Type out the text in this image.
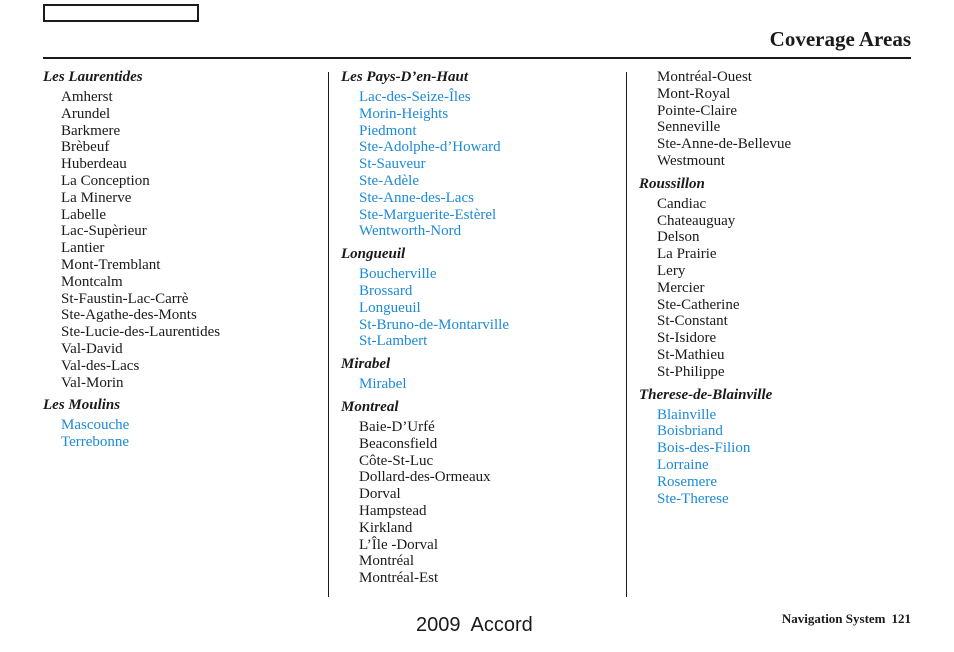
Coverage Areas
Les Laurentides
Amherst
Arundel
Barkmere
Brèbeuf
Huberdeau
La Conception
La Minerve
Labelle
Lac-Supèrieur
Lantier
Mont-Tremblant
Montcalm
St-Faustin-Lac-Carrè
Ste-Agathe-des-Monts
Ste-Lucie-des-Laurentides
Val-David
Val-des-Lacs
Val-Morin
Les Moulins
Mascouche
Terrebonne
Les Pays-D’en-Haut
Lac-des-Seize-Îles
Morin-Heights
Piedmont
Ste-Adolphe-d’Howard
St-Sauveur
Ste-Adèle
Ste-Anne-des-Lacs
Ste-Marguerite-Estèrel
Wentworth-Nord
Longueuil
Boucherville
Brossard
Longueuil
St-Bruno-de-Montarville
St-Lambert
Mirabel
Mirabel
Montreal
Baie-D’Urfé
Beaconsfield
Côte-St-Luc
Dollard-des-Ormeaux
Dorval
Hampstead
Kirkland
L’Île -Dorval
Montréal
Montréal-Est
Montréal-Ouest
Mont-Royal
Pointe-Claire
Senneville
Ste-Anne-de-Bellevue
Westmount
Roussillon
Candiac
Chateauguay
Delson
La Prairie
Lery
Mercier
Ste-Catherine
St-Constant
St-Isidore
St-Mathieu
St-Philippe
Therese-de-Blainville
Blainville
Boisbriand
Bois-des-Filion
Lorraine
Rosemere
Ste-Therese
2009  Accord	Navigation System 121
